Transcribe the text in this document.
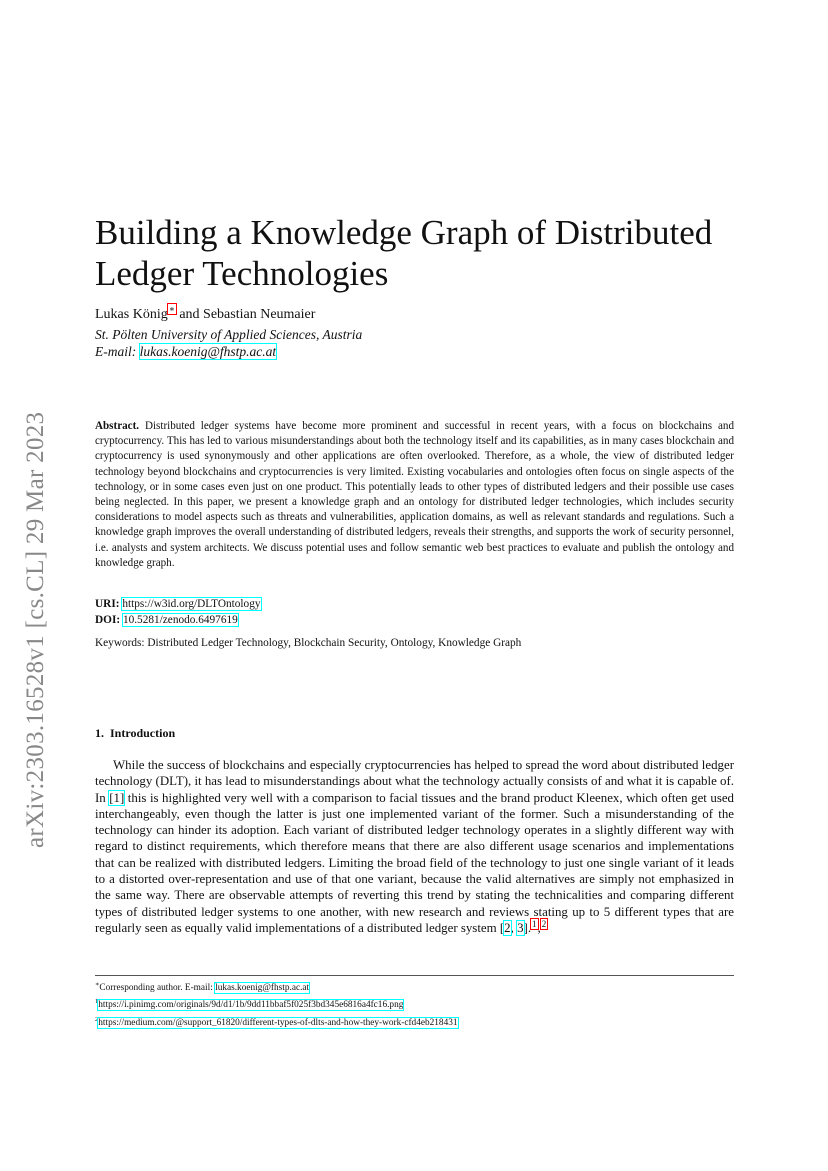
arXiv:2303.16528v1 [cs.CL] 29 Mar 2023
Building a Knowledge Graph of Distributed Ledger Technologies
Lukas König∗ and Sebastian Neumaier
St. Pölten University of Applied Sciences, Austria
E-mail: lukas.koenig@fhstp.ac.at

Abstract. Distributed ledger systems have become more prominent and successful in recent years, with a focus on blockchains and cryptocurrency. This has led to various misunderstandings about both the technology itself and its capabilities, as in many cases blockchain and cryptocurrency is used synonymously and other applications are often overlooked. Therefore, as a whole, the view of distributed ledger technology beyond blockchains and cryptocurrencies is very limited. Existing vocabularies and ontologies often focus on single aspects of the technology, or in some cases even just on one product. This potentially leads to other types of distributed ledgers and their possible use cases being neglected. In this paper, we present a knowledge graph and an ontology for distributed ledger technologies, which includes security considerations to model aspects such as threats and vulnerabilities, application domains, as well as relevant standards and regulations. Such a knowledge graph improves the overall understanding of distributed ledgers, reveals their strengths, and supports the work of security personnel, i.e. analysts and system architects. We discuss potential uses and follow semantic web best practices to evaluate and publish the ontology and knowledge graph.

URI: https://w3id.org/DLTOntology
DOI: 10.5281/zenodo.6497619
Keywords: Distributed Ledger Technology, Blockchain Security, Ontology, Knowledge Graph
1. Introduction

While the success of blockchains and especially cryptocurrencies has helped to spread the word about distributed ledger technology (DLT), it has lead to misunderstandings about what the technology actually consists of and what it is capable of. In [1] this is highlighted very well with a comparison to facial tissues and the brand product Kleenex, which often get used interchangeably, even though the latter is just one implemented variant of the former. Such a misunderstanding of the technology can hinder its adoption. Each variant of distributed ledger technology operates in a slightly different way with regard to distinct requirements, which therefore means that there are also different usage scenarios and implementations that can be realized with distributed ledgers. Limiting the broad field of the technology to just one single variant of it leads to a distorted over-representation and use of that one variant, because the valid alternatives are simply not emphasized in the same way. There are observable attempts of reverting this trend by stating the technicalities and comparing different types of distributed ledger systems to one another, with new research and reviews stating up to 5 different types that are regularly seen as equally valid implementations of a distributed ledger system [2, 3].$^1$,$^2$

∗Corresponding author. E-mail: lukas.koenig@fhstp.ac.at
$^1$https://i.pinimg.com/originals/9d/d1/1b/9dd11bbaf5f025f3bd345e6816a4fc16.png
$^2$https://medium.com/@support_61820/different-types-of-dlts-and-how-they-work-cfd4eb218431
